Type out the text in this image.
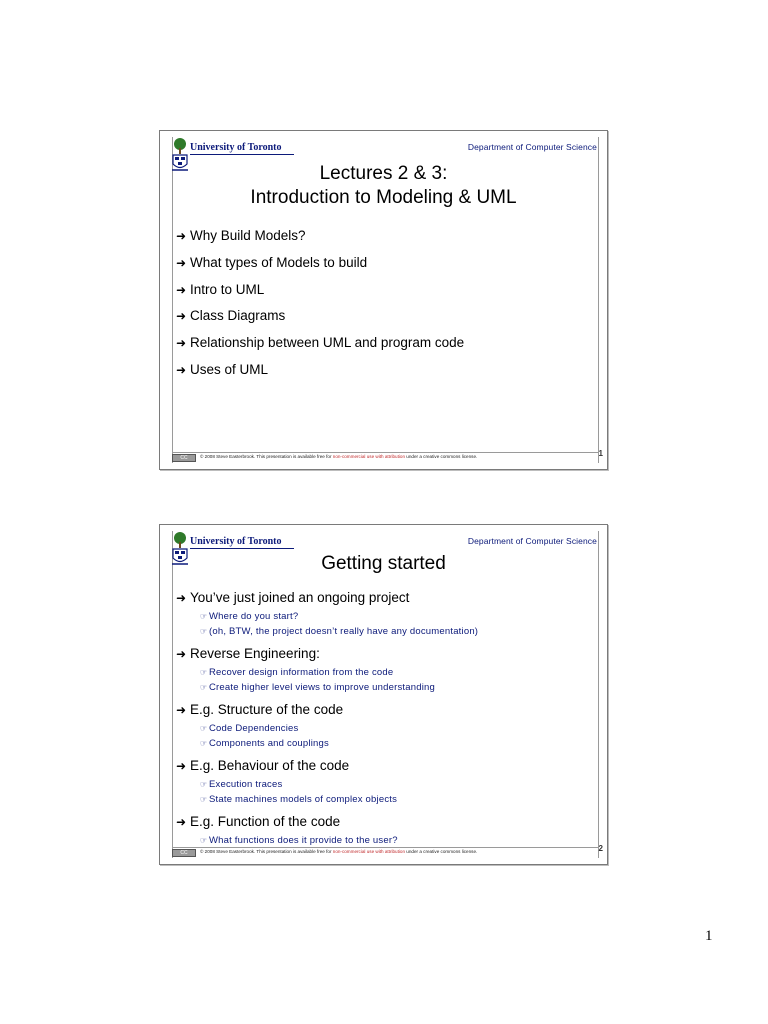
University of Toronto	Department of Computer Science
Lectures 2 & 3:
Introduction to Modeling & UML
➜ Why Build Models?
➜ What types of Models to build
➜ Intro to UML
➜ Class Diagrams
➜ Relationship between UML and program code
➜ Uses of UML
CC	© 2008 Steve Easterbrook. This presentation is available free for non-commercial use with attribution under a creative commons license.	1
University of Toronto	Department of Computer Science
Getting started
➜ You’ve just joined an ongoing project
☞ Where do you start?
☞ (oh, BTW, the project doesn’t really have any documentation)
➜ Reverse Engineering:
☞ Recover design information from the code
☞ Create higher level views to improve understanding
➜ E.g. Structure of the code
☞ Code Dependencies
☞ Components and couplings
➜ E.g. Behaviour of the code
☞ Execution traces
☞ State machines models of complex objects
➜ E.g. Function of the code
☞ What functions does it provide to the user?
CC	© 2008 Steve Easterbrook. This presentation is available free for non-commercial use with attribution under a creative commons license.	2
1
